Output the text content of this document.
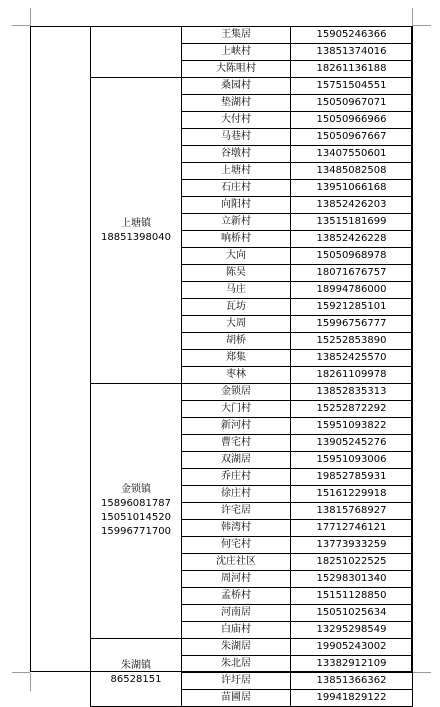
	王集居	15905246366
	上峡村	13851374016
	大陈咀村	18261136188

上塘镇
18851398040	桑园村	15751504551
	垫湖村	15050967071
	大付村	15050966966
	马巷村	15050967667
	谷墩村	13407550601
	上塘村	13485082508
	石庄村	13951066168
	向阳村	13852426203
	立新村	13515181699
	响桥村	13852426228
	大向	15050968978
	陈吴	18071676757
	马庄	18994786000
	瓦坊	15921285101
	大周	15996756777
	胡桥	15252853890
	郑集	13852425570
	枣林	18261109978

金锁镇
15896081787
15051014520
15996771700	金锁居	13852835313
	大门村	15252872292
	新河村	15951093822
	曹宅村	13905245276
	双湖居	15951093006
	乔庄村	19852785931
	徐庄村	15161229918
	许宅居	13815768927
	韩湾村	17712746121
	何宅村	13773933259
	沈庄社区	18251022525
	周河村	15298301340
	孟桥村	15151128850
	河南居	15051025634
	白庙村	13295298549

朱湖镇
86528151	朱湖居	19905243002
	朱北居	13382912109
	许圩居	13851366362
	苗圃居	19941829122
